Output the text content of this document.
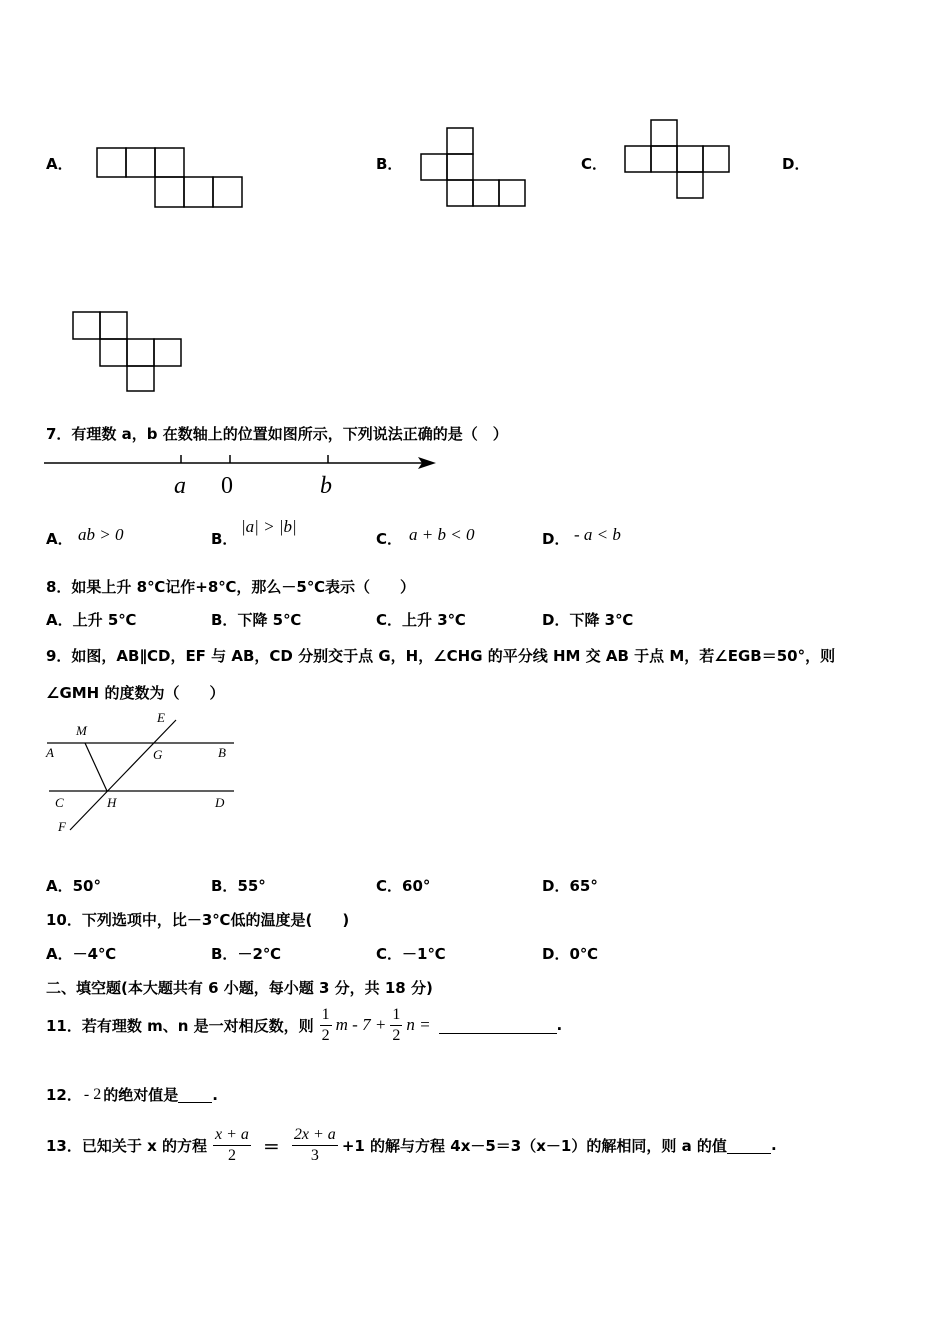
A．	B．	C．	D．
7．有理数 a，b 在数轴上的位置如图所示，下列说法正确的是（　）
a 0	b
A． ab > 0	B．
|a| > |b|
C． a + b < 0	D． - a < b
8．如果上升 8℃记作+8℃，那么－5℃表示（　　）
A．上升 5℃	B．下降 5℃	C．上升 3℃	D．下降 3℃
9．如图，AB∥CD，EF 与 AB，CD 分别交于点 G，H，∠CHG 的平分线 HM 交 AB 于点 M，若∠EGB＝50°，则
∠GMH 的度数为（　　）
M
E
A	G	B
C	H	D
F
A．50°	B．55°	C．60°	D．65°
10．下列选项中，比－3℃低的温度是(　　)
A．－4℃	B．－2℃	C．－1℃	D．0℃
二、填空题(本大题共有 6 小题，每小题 3 分，共 18 分)
11．若有理数 m、n 是一对相反数，则 $\frac{1}{2}$ $m - 7 + \frac{1}{2}$ n =	.
12． - 2 的绝对值是 .
13．已知关于 x 的方程 $\frac{x + a}{2} = \frac{2x + a}{3} +1$ 的解与方程 4x－5＝3（x－1）的解相同，则 a 的值	.
